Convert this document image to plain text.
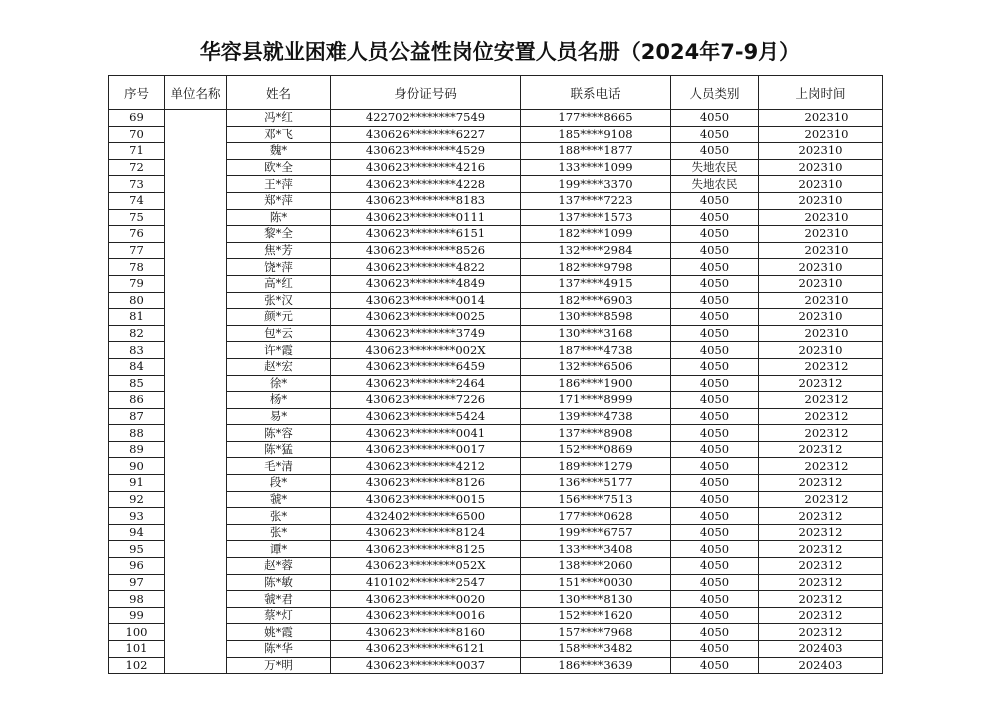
华容县就业困难人员公益性岗位安置人员名册（2024年7-9月）
序号	单位名称	姓名	身份证号码	联系电话	人员类别	上岗时间
69		冯*红	422702********7549	177****8665	4050	202310
70		邓*飞	430626********6227	185****9108	4050	202310
71		魏*	430623********4529	188****1877	4050	202310
72		欧*全	430623********4216	133****1099	失地农民	202310
73		王*萍	430623********4228	199****3370	失地农民	202310
74		郑*萍	430623********8183	137****7223	4050	202310
75		陈*	430623********0111	137****1573	4050	202310
76		黎*全	430623********6151	182****1099	4050	202310
77		焦*芳	430623********8526	132****2984	4050	202310
78		饶*萍	430623********4822	182****9798	4050	202310
79		高*红	430623********4849	137****4915	4050	202310
80		张*汉	430623********0014	182****6903	4050	202310
81		颜*元	430623********0025	130****8598	4050	202310
82		包*云	430623********3749	130****3168	4050	202310
83		许*霞	430623********002X	187****4738	4050	202310
84		赵*宏	430623********6459	132****6506	4050	202312
85		徐*	430623********2464	186****1900	4050	202312
86		杨*	430623********7226	171****8999	4050	202312
87		易*	430623********5424	139****4738	4050	202312
88		陈*容	430623********0041	137****8908	4050	202312
89		陈*猛	430623********0017	152****0869	4050	202312
90		毛*清	430623********4212	189****1279	4050	202312
91		段*	430623********8126	136****5177	4050	202312
92		虢*	430623********0015	156****7513	4050	202312
93		张*	432402********6500	177****0628	4050	202312
94		张*	430623********8124	199****6757	4050	202312
95		谭*	430623********8125	133****3408	4050	202312
96		赵*蓉	430623********052X	138****2060	4050	202312
97		陈*敏	410102********2547	151****0030	4050	202312
98		虢*君	430623********0020	130****8130	4050	202312
99		蔡*灯	430623********0016	152****1620	4050	202312
100		姚*霞	430623********8160	157****7968	4050	202312
101		陈*华	430623********6121	158****3482	4050	202403
102		万*明	430623********0037	186****3639	4050	202403
